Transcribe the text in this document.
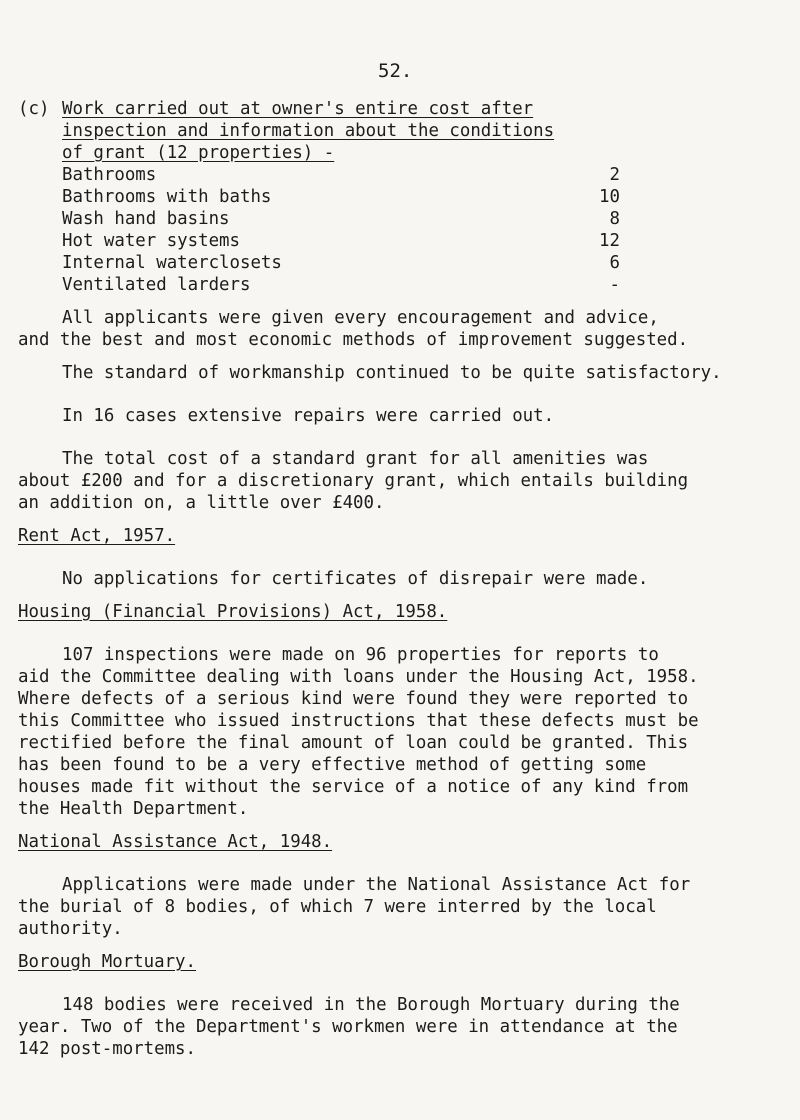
52.
(c) Work carried out at owner's entire cost after
inspection and information about the conditions
of grant (12 properties) -
Bathrooms	2
Bathrooms with baths	10
Wash hand basins	8
Hot water systems	12
Internal waterclosets	6
Ventilated larders	-
All applicants were given every encouragement and advice,
and the best and most economic methods of improvement suggested.
The standard of workmanship continued to be quite satisfactory.
In 16 cases extensive repairs were carried out.
The total cost of a standard grant for all amenities was
about £200 and for a discretionary grant, which entails building
an addition on, a little over £400.
Rent Act, 1957.
No applications for certificates of disrepair were made.
Housing (Financial Provisions) Act, 1958.
107 inspections were made on 96 properties for reports to
aid the Committee dealing with loans under the Housing Act, 1958.
Where defects of a serious kind were found they were reported to
this Committee who issued instructions that these defects must be
rectified before the final amount of loan could be granted. This
has been found to be a very effective method of getting some
houses made fit without the service of a notice of any kind from
the Health Department.
National Assistance Act, 1948.
Applications were made under the National Assistance Act for
the burial of 8 bodies, of which 7 were interred by the local
authority.
Borough Mortuary.
148 bodies were received in the Borough Mortuary during the
year. Two of the Department's workmen were in attendance at the
142 post-mortems.
